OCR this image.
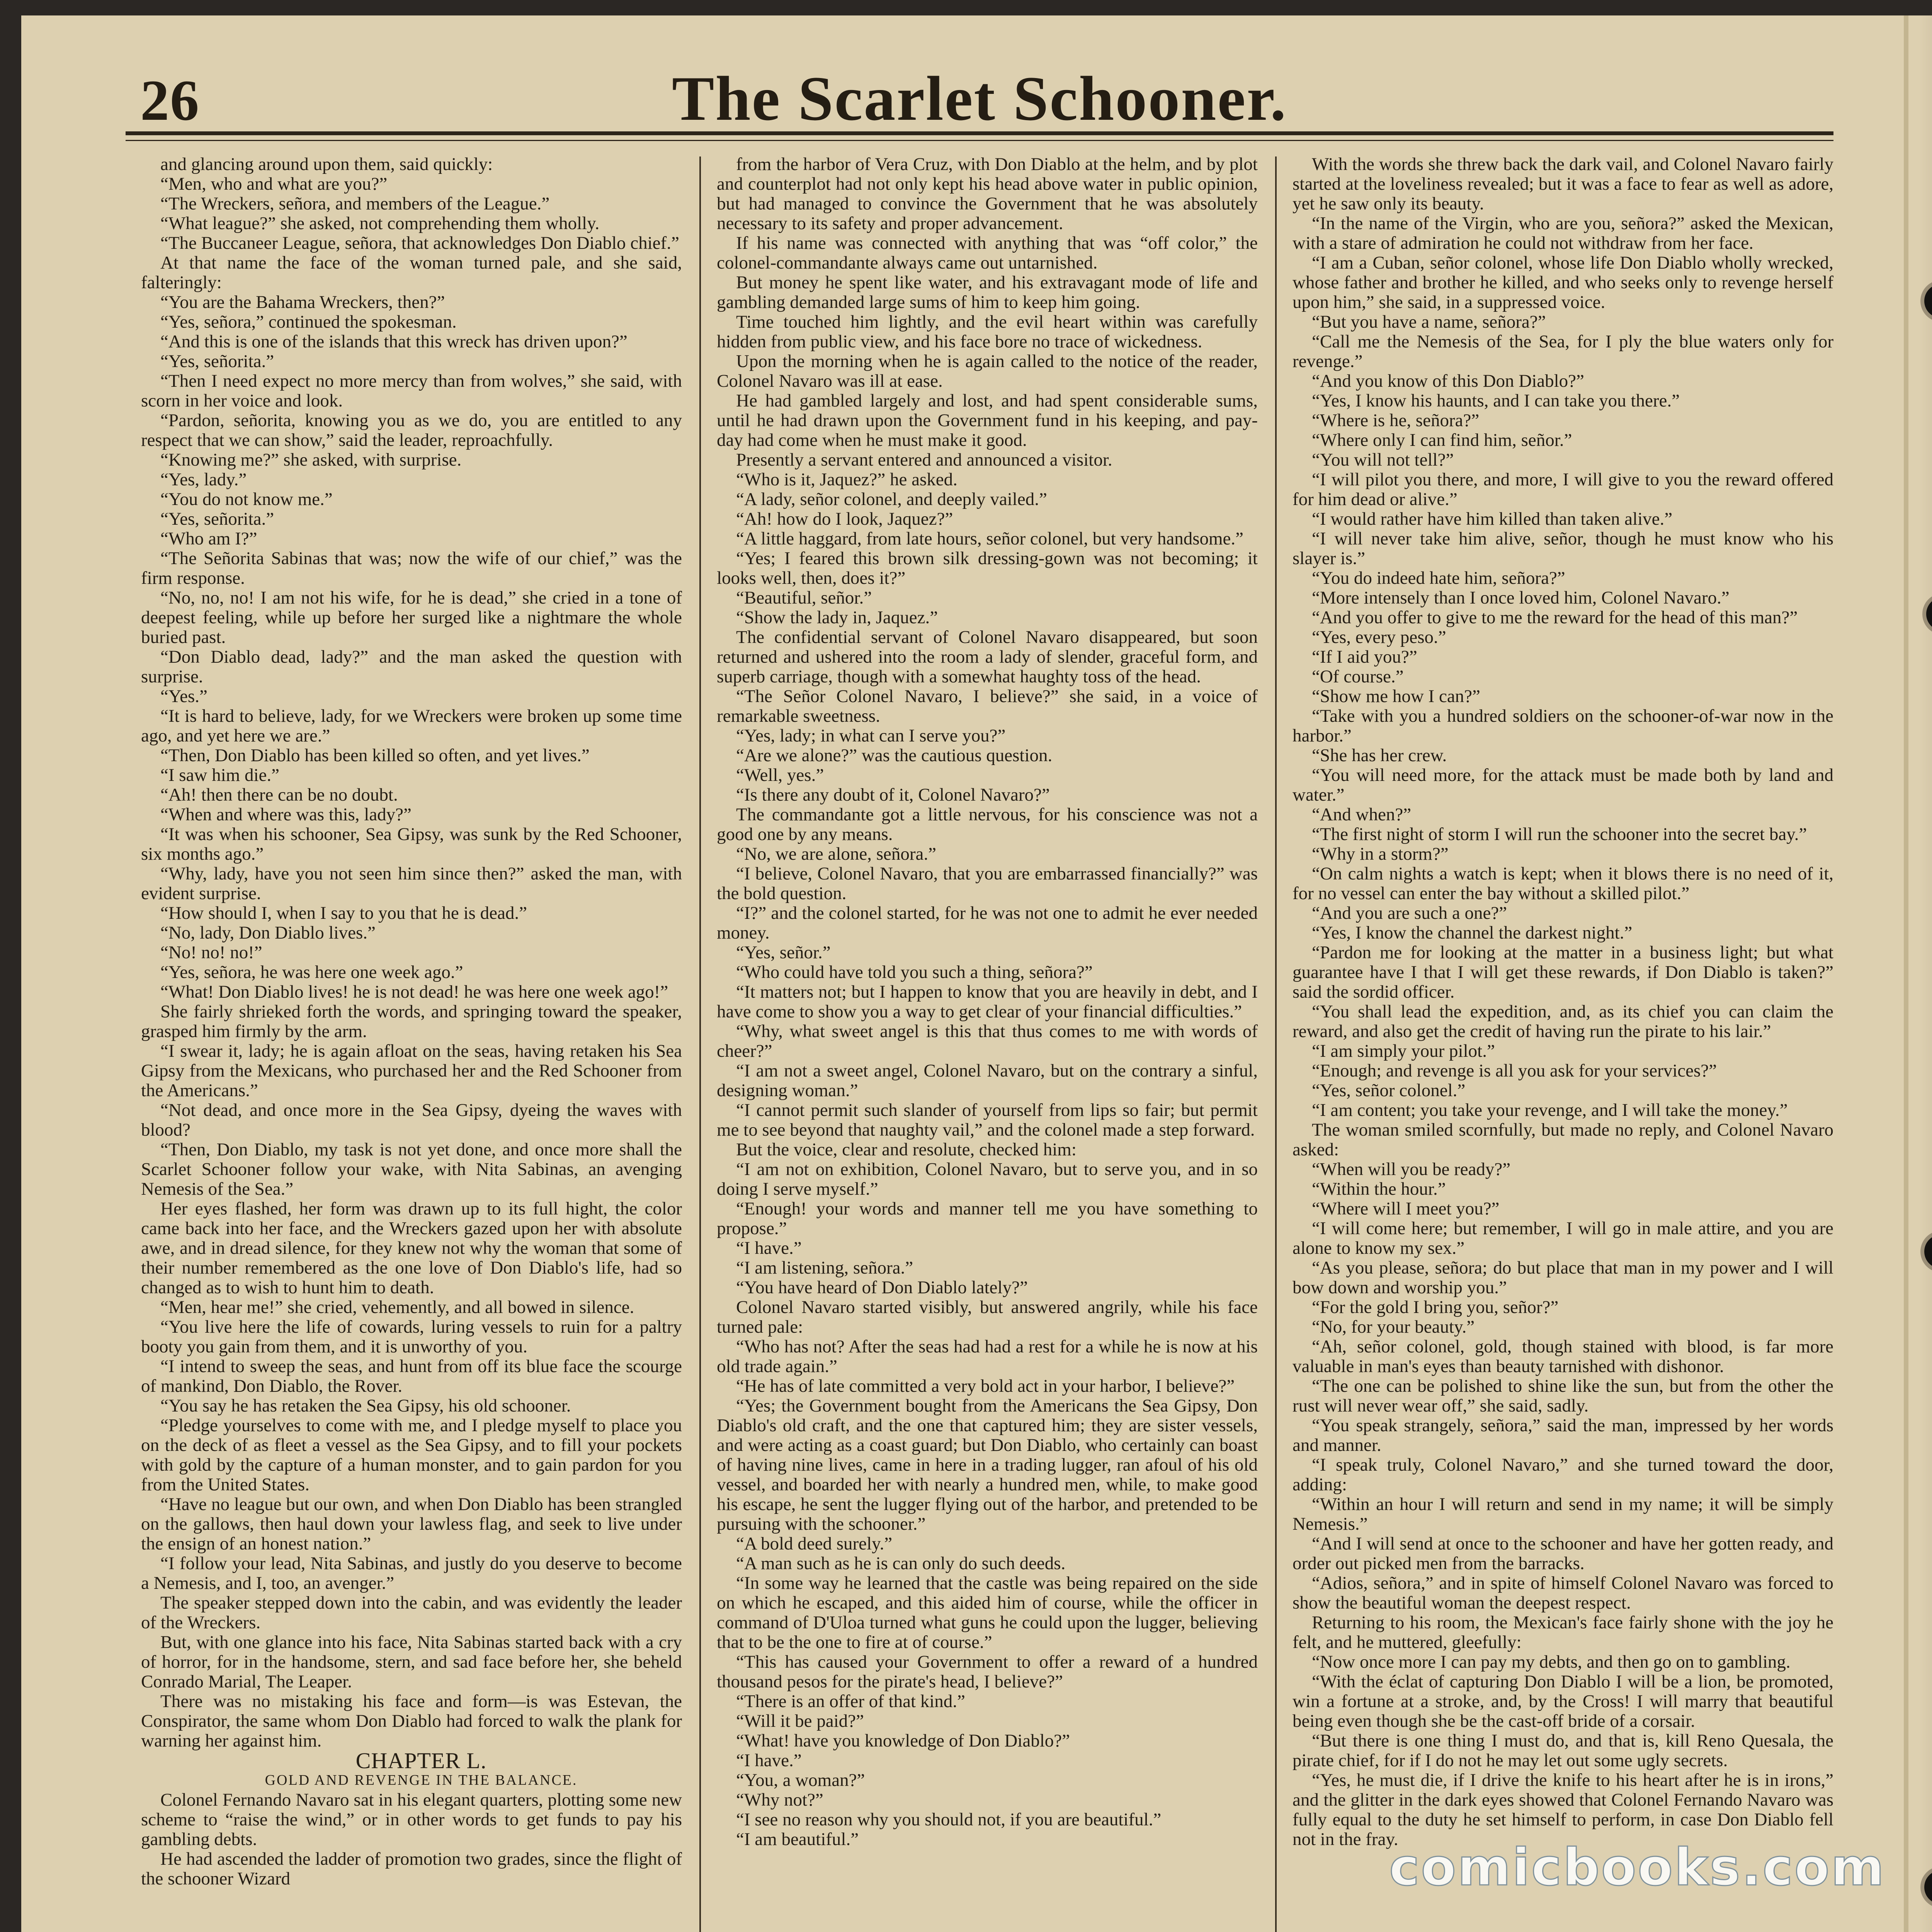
26	The Scarlet Schooner.

and glancing around upon them, said quickly:

“Men, who and what are you?”

“The Wreckers, señora, and members of the League.”

“What league?” she asked, not comprehending them wholly.

“The Buccaneer League, señora, that acknowledges Don Diablo chief.”

At that name the face of the woman turned pale, and she said, falteringly:

“You are the Bahama Wreckers, then?”

“Yes, señora,” continued the spokesman.

“And this is one of the islands that this wreck has driven upon?”

“Yes, señorita.”

“Then I need expect no more mercy than from wolves,” she said, with scorn in her voice and look.

“Pardon, señorita, knowing you as we do, you are entitled to any respect that we can show,” said the leader, reproachfully.

“Knowing me?” she asked, with surprise.

“Yes, lady.”

“You do not know me.”

“Yes, señorita.”

“Who am I?”

“The Señorita Sabinas that was; now the wife of our chief,” was the firm response.

“No, no, no! I am not his wife, for he is dead,” she cried in a tone of deepest feeling, while up before her surged like a nightmare the whole buried past.

“Don Diablo dead, lady?” and the man asked the question with surprise.

“Yes.”

“It is hard to believe, lady, for we Wreckers were broken up some time ago, and yet here we are.”

“Then, Don Diablo has been killed so often, and yet lives.”

“I saw him die.”

“Ah! then there can be no doubt.

“When and where was this, lady?”

“It was when his schooner, Sea Gipsy, was sunk by the Red Schooner, six months ago.”

“Why, lady, have you not seen him since then?” asked the man, with evident surprise.

“How should I, when I say to you that he is dead.”

“No, lady, Don Diablo lives.”

“No! no! no!”

“Yes, señora, he was here one week ago.”

“What! Don Diablo lives! he is not dead! he was here one week ago!”

She fairly shrieked forth the words, and springing toward the speaker, grasped him firmly by the arm.

“I swear it, lady; he is again afloat on the seas, having retaken his Sea Gipsy from the Mexicans, who purchased her and the Red Schooner from the Americans.”

“Not dead, and once more in the Sea Gipsy, dyeing the waves with blood?

“Then, Don Diablo, my task is not yet done, and once more shall the Scarlet Schooner follow your wake, with Nita Sabinas, an avenging Nemesis of the Sea.”

Her eyes flashed, her form was drawn up to its full hight, the color came back into her face, and the Wreckers gazed upon her with absolute awe, and in dread silence, for they knew not why the woman that some of their number remembered as the one love of Don Diablo's life, had so changed as to wish to hunt him to death.

“Men, hear me!” she cried, vehemently, and all bowed in silence.

“You live here the life of cowards, luring vessels to ruin for a paltry booty you gain from them, and it is unworthy of you.

“I intend to sweep the seas, and hunt from off its blue face the scourge of mankind, Don Diablo, the Rover.

“You say he has retaken the Sea Gipsy, his old schooner.

“Pledge yourselves to come with me, and I pledge myself to place you on the deck of as fleet a vessel as the Sea Gipsy, and to fill your pockets with gold by the capture of a human monster, and to gain pardon for you from the United States.

“Have no league but our own, and when Don Diablo has been strangled on the gallows, then haul down your lawless flag, and seek to live under the ensign of an honest nation.”

“I follow your lead, Nita Sabinas, and justly do you deserve to become a Nemesis, and I, too, an avenger.”

The speaker stepped down into the cabin, and was evidently the leader of the Wreckers.

But, with one glance into his face, Nita Sabinas started back with a cry of horror, for in the handsome, stern, and sad face before her, she beheld Conrado Marial, The Leaper.

There was no mistaking his face and form—is was Estevan, the Conspirator, the same whom Don Diablo had forced to walk the plank for warning her against him.

CHAPTER L.

GOLD AND REVENGE IN THE BALANCE.

Colonel Fernando Navaro sat in his elegant quarters, plotting some new scheme to “raise the wind,” or in other words to get funds to pay his gambling debts.

He had ascended the ladder of promotion two grades, since the flight of the schooner Wizard

from the harbor of Vera Cruz, with Don Diablo at the helm, and by plot and counterplot had not only kept his head above water in public opinion, but had managed to convince the Government that he was absolutely necessary to its safety and proper advancement.

If his name was connected with anything that was “off color,” the colonel-commandante always came out untarnished.

But money he spent like water, and his extravagant mode of life and gambling demanded large sums of him to keep him going.

Time touched him lightly, and the evil heart within was carefully hidden from public view, and his face bore no trace of wickedness.

Upon the morning when he is again called to the notice of the reader, Colonel Navaro was ill at ease.

He had gambled largely and lost, and had spent considerable sums, until he had drawn upon the Government fund in his keeping, and pay-day had come when he must make it good.

Presently a servant entered and announced a visitor.

“Who is it, Jaquez?” he asked.

“A lady, señor colonel, and deeply vailed.”

“Ah! how do I look, Jaquez?”

“A little haggard, from late hours, señor colonel, but very handsome.”

“Yes; I feared this brown silk dressing-gown was not becoming; it looks well, then, does it?”

“Beautiful, señor.”

“Show the lady in, Jaquez.”

The confidential servant of Colonel Navaro disappeared, but soon returned and ushered into the room a lady of slender, graceful form, and superb carriage, though with a somewhat haughty toss of the head.

“The Señor Colonel Navaro, I believe?” she said, in a voice of remarkable sweetness.

“Yes, lady; in what can I serve you?”

“Are we alone?” was the cautious question.

“Well, yes.”

“Is there any doubt of it, Colonel Navaro?”

The commandante got a little nervous, for his conscience was not a good one by any means.

“No, we are alone, señora.”

“I believe, Colonel Navaro, that you are embarrassed financially?” was the bold question.

“I?” and the colonel started, for he was not one to admit he ever needed money.

“Yes, señor.”

“Who could have told you such a thing, señora?”

“It matters not; but I happen to know that you are heavily in debt, and I have come to show you a way to get clear of your financial difficulties.”

“Why, what sweet angel is this that thus comes to me with words of cheer?”

“I am not a sweet angel, Colonel Navaro, but on the contrary a sinful, designing woman.”

“I cannot permit such slander of yourself from lips so fair; but permit me to see beyond that naughty vail,” and the colonel made a step forward.

But the voice, clear and resolute, checked him:

“I am not on exhibition, Colonel Navaro, but to serve you, and in so doing I serve myself.”

“Enough! your words and manner tell me you have something to propose.”

“I have.”

“I am listening, señora.”

“You have heard of Don Diablo lately?”

Colonel Navaro started visibly, but answered angrily, while his face turned pale:

“Who has not? After the seas had had a rest for a while he is now at his old trade again.”

“He has of late committed a very bold act in your harbor, I believe?”

“Yes; the Government bought from the Americans the Sea Gipsy, Don Diablo's old craft, and the one that captured him; they are sister vessels, and were acting as a coast guard; but Don Diablo, who certainly can boast of having nine lives, came in here in a trading lugger, ran afoul of his old vessel, and boarded her with nearly a hundred men, while, to make good his escape, he sent the lugger flying out of the harbor, and pretended to be pursuing with the schooner.”

“A bold deed surely.”

“A man such as he is can only do such deeds.

“In some way he learned that the castle was being repaired on the side on which he escaped, and this aided him of course, while the officer in command of D'Uloa turned what guns he could upon the lugger, believing that to be the one to fire at of course.”

“This has caused your Government to offer a reward of a hundred thousand pesos for the pirate's head, I believe?”

“There is an offer of that kind.”

“Will it be paid?”

“What! have you knowledge of Don Diablo?”

“I have.”

“You, a woman?”

“Why not?”

“I see no reason why you should not, if you are beautiful.”

“I am beautiful.”

With the words she threw back the dark vail, and Colonel Navaro fairly started at the loveliness revealed; but it was a face to fear as well as adore, yet he saw only its beauty.

“In the name of the Virgin, who are you, señora?” asked the Mexican, with a stare of admiration he could not withdraw from her face.

“I am a Cuban, señor colonel, whose life Don Diablo wholly wrecked, whose father and brother he killed, and who seeks only to revenge herself upon him,” she said, in a suppressed voice.

“But you have a name, señora?”

“Call me the Nemesis of the Sea, for I ply the blue waters only for revenge.”

“And you know of this Don Diablo?”

“Yes, I know his haunts, and I can take you there.”

“Where is he, señora?”

“Where only I can find him, señor.”

“You will not tell?”

“I will pilot you there, and more, I will give to you the reward offered for him dead or alive.”

“I would rather have him killed than taken alive.”

“I will never take him alive, señor, though he must know who his slayer is.”

“You do indeed hate him, señora?”

“More intensely than I once loved him, Colonel Navaro.”

“And you offer to give to me the reward for the head of this man?”

“Yes, every peso.”

“If I aid you?”

“Of course.”

“Show me how I can?”

“Take with you a hundred soldiers on the schooner-of-war now in the harbor.”

“She has her crew.

“You will need more, for the attack must be made both by land and water.”

“And when?”

“The first night of storm I will run the schooner into the secret bay.”

“Why in a storm?”

“On calm nights a watch is kept; when it blows there is no need of it, for no vessel can enter the bay without a skilled pilot.”

“And you are such a one?”

“Yes, I know the channel the darkest night.”

“Pardon me for looking at the matter in a business light; but what guarantee have I that I will get these rewards, if Don Diablo is taken?” said the sordid officer.

“You shall lead the expedition, and, as its chief you can claim the reward, and also get the credit of having run the pirate to his lair.”

“I am simply your pilot.”

“Enough; and revenge is all you ask for your services?”

“Yes, señor colonel.”

“I am content; you take your revenge, and I will take the money.”

The woman smiled scornfully, but made no reply, and Colonel Navaro asked:

“When will you be ready?”

“Within the hour.”

“Where will I meet you?”

“I will come here; but remember, I will go in male attire, and you are alone to know my sex.”

“As you please, señora; do but place that man in my power and I will bow down and worship you.”

“For the gold I bring you, señor?”

“No, for your beauty.”

“Ah, señor colonel, gold, though stained with blood, is far more valuable in man's eyes than beauty tarnished with dishonor.

“The one can be polished to shine like the sun, but from the other the rust will never wear off,” she said, sadly.

“You speak strangely, señora,” said the man, impressed by her words and manner.

“I speak truly, Colonel Navaro,” and she turned toward the door, adding:

“Within an hour I will return and send in my name; it will be simply Nemesis.”

“And I will send at once to the schooner and have her gotten ready, and order out picked men from the barracks.

“Adios, señora,” and in spite of himself Colonel Navaro was forced to show the beautiful woman the deepest respect.

Returning to his room, the Mexican's face fairly shone with the joy he felt, and he muttered, gleefully:

“Now once more I can pay my debts, and then go on to gambling.

“With the éclat of capturing Don Diablo I will be a lion, be promoted, win a fortune at a stroke, and, by the Cross! I will marry that beautiful being even though she be the cast-off bride of a corsair.

“But there is one thing I must do, and that is, kill Reno Quesala, the pirate chief, for if I do not he may let out some ugly secrets.

“Yes, he must die, if I drive the knife to his heart after he is in irons,” and the glitter in the dark eyes showed that Colonel Fernando Navaro was fully equal to the duty he set himself to perform, in case Don Diablo fell not in the fray.

comicbooks.com
